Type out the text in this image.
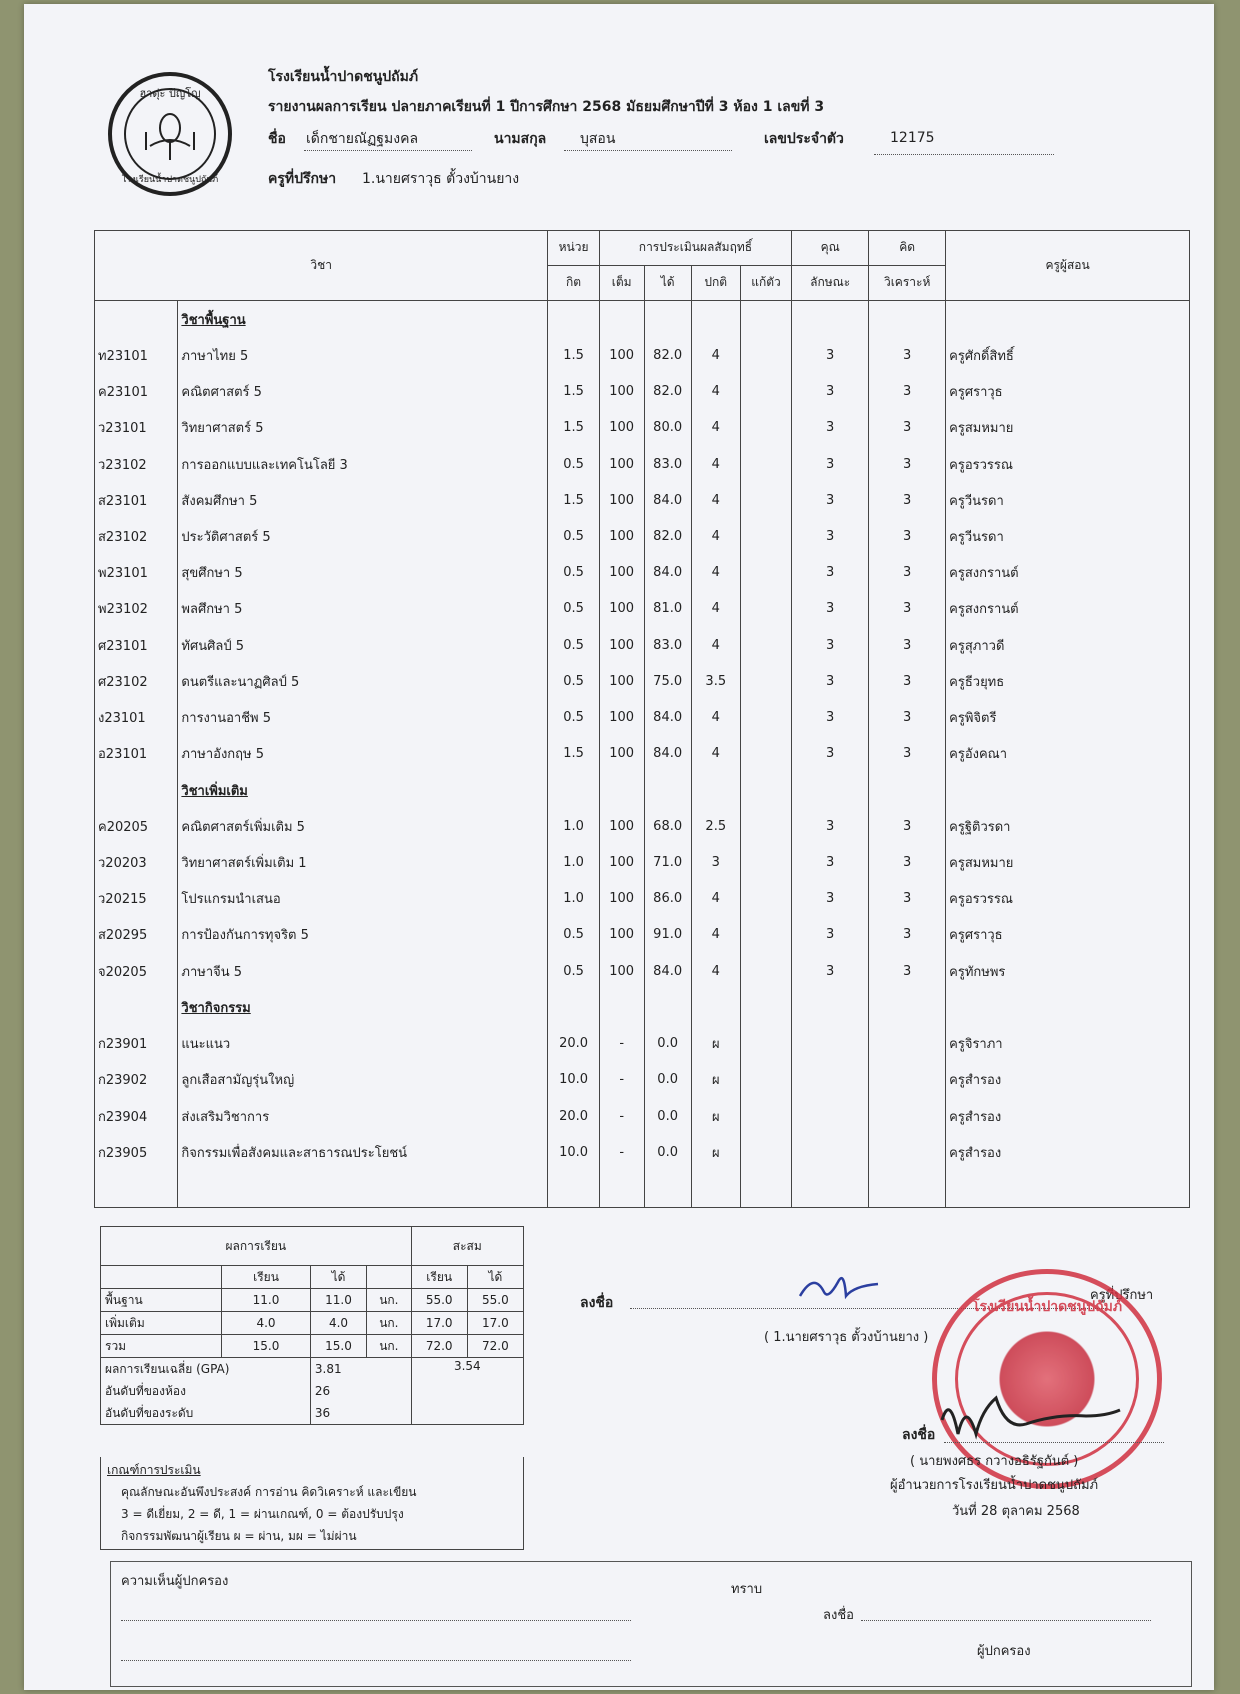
ฮาตุ่ะ ปัญโญ
โรงเรียนน้ำปาดชนูปถัมภ์
โรงเรียนน้ำปาดชนูปถัมภ์
รายงานผลการเรียน ปลายภาคเรียนที่ 1 ปีการศึกษา 2568 มัธยมศึกษาปีที่ 3 ห้อง 1 เลขที่ 3
ชื่อ เด็กชายณัฏฐมงคล	นามสกุล บุสอน	เลขประจำตัว	12175
ครูที่ปรึกษา 1.นายศราวุธ ตั้วงบ้านยาง
วิชา		หน่วย	การประเมินผลสัมฤทธิ์				คุณ	คิด	ครูผู้สอน
		กิต	เต็ม	ได้	ปกติ	แก้ตัว	ลักษณะ	วิเคราะห์	
	วิชาพื้นฐาน								
ท23101	ภาษาไทย 5	1.5	100	82.0	4		3	3	ครูศักดิ์สิทธิ์
ค23101	คณิตศาสตร์ 5	1.5	100	82.0	4		3	3	ครูศราวุธ
ว23101	วิทยาศาสตร์ 5	1.5	100	80.0	4		3	3	ครูสมหมาย
ว23102	การออกแบบและเทคโนโลยี 3	0.5	100	83.0	4		3	3	ครูอรวรรณ
ส23101	สังคมศึกษา 5	1.5	100	84.0	4		3	3	ครูวีนรดา
ส23102	ประวัติศาสตร์ 5	0.5	100	82.0	4		3	3	ครูวีนรดา
พ23101	สุขศึกษา 5	0.5	100	84.0	4		3	3	ครูสงกรานต์
พ23102	พลศึกษา 5	0.5	100	81.0	4		3	3	ครูสงกรานต์
ศ23101	ทัศนศิลป์ 5	0.5	100	83.0	4		3	3	ครูสุภาวดี
ศ23102	ดนตรีและนาฏศิลป์ 5	0.5	100	75.0	3.5		3	3	ครูธีวยุทธ
ง23101	การงานอาชีพ 5	0.5	100	84.0	4		3	3	ครูพิจิตรี
อ23101	ภาษาอังกฤษ 5	1.5	100	84.0	4		3	3	ครูอังคณา
	วิชาเพิ่มเติม								
ค20205	คณิตศาสตร์เพิ่มเติม 5	1.0	100	68.0	2.5		3	3	ครูฐิติวรดา
ว20203	วิทยาศาสตร์เพิ่มเติม 1	1.0	100	71.0	3		3	3	ครูสมหมาย
ว20215	โปรแกรมนำเสนอ	1.0	100	86.0	4		3	3	ครูอรวรรณ
ส20295	การป้องกันการทุจริต 5	0.5	100	91.0	4		3	3	ครูศราวุธ
จ20205	ภาษาจีน 5	0.5	100	84.0	4		3	3	ครูทักษพร
	วิชากิจกรรม								
ก23901	แนะแนว	20.0	-	0.0	ผ				ครูจิราภา
ก23902	ลูกเสือสามัญรุ่นใหญ่	10.0	-	0.0	ผ				ครูสำรอง
ก23904	ส่งเสริมวิชาการ	20.0	-	0.0	ผ				ครูสำรอง
ก23905	กิจกรรมเพื่อสังคมและสาธารณประโยชน์	10.0	-	0.0	ผ				ครูสำรอง

ผลการเรียน				สะสม	
	เรียน	ได้		เรียน	ได้
พื้นฐาน	11.0	11.0	นก.	55.0	55.0
เพิ่มเติม	4.0	4.0	นก.	17.0	17.0
รวม	15.0	15.0	นก.	72.0	72.0
ผลการเรียนเฉลี่ย (GPA)		3.81		3.54	
อันดับที่ของห้อง		26			
อันดับที่ของระดับ		36			
เกณฑ์การประเมิน
คุณลักษณะอันพึงประสงค์ การอ่าน คิดวิเคราะห์ และเขียน
3 = ดีเยี่ยม, 2 = ดี, 1 = ผ่านเกณฑ์, 0 = ต้องปรับปรุง
กิจกรรมพัฒนาผู้เรียน ผ = ผ่าน, มผ = ไม่ผ่าน
ลงชื่อ	ครูที่ปรึกษา
( 1.นายศราวุธ ตั้วงบ้านยาง )
โรงเรียนน้ำปาดชนูปถัมภ์
ลงชื่อ
( นายพงศธร กวางอธิรัฐกันต์ )
ผู้อำนวยการโรงเรียนน้ำปาดชนูปถัมภ์
วันที่ 28 ตุลาคม 2568
ความเห็นผู้ปกครอง
ทราบ
ลงชื่อ
ผู้ปกครอง
